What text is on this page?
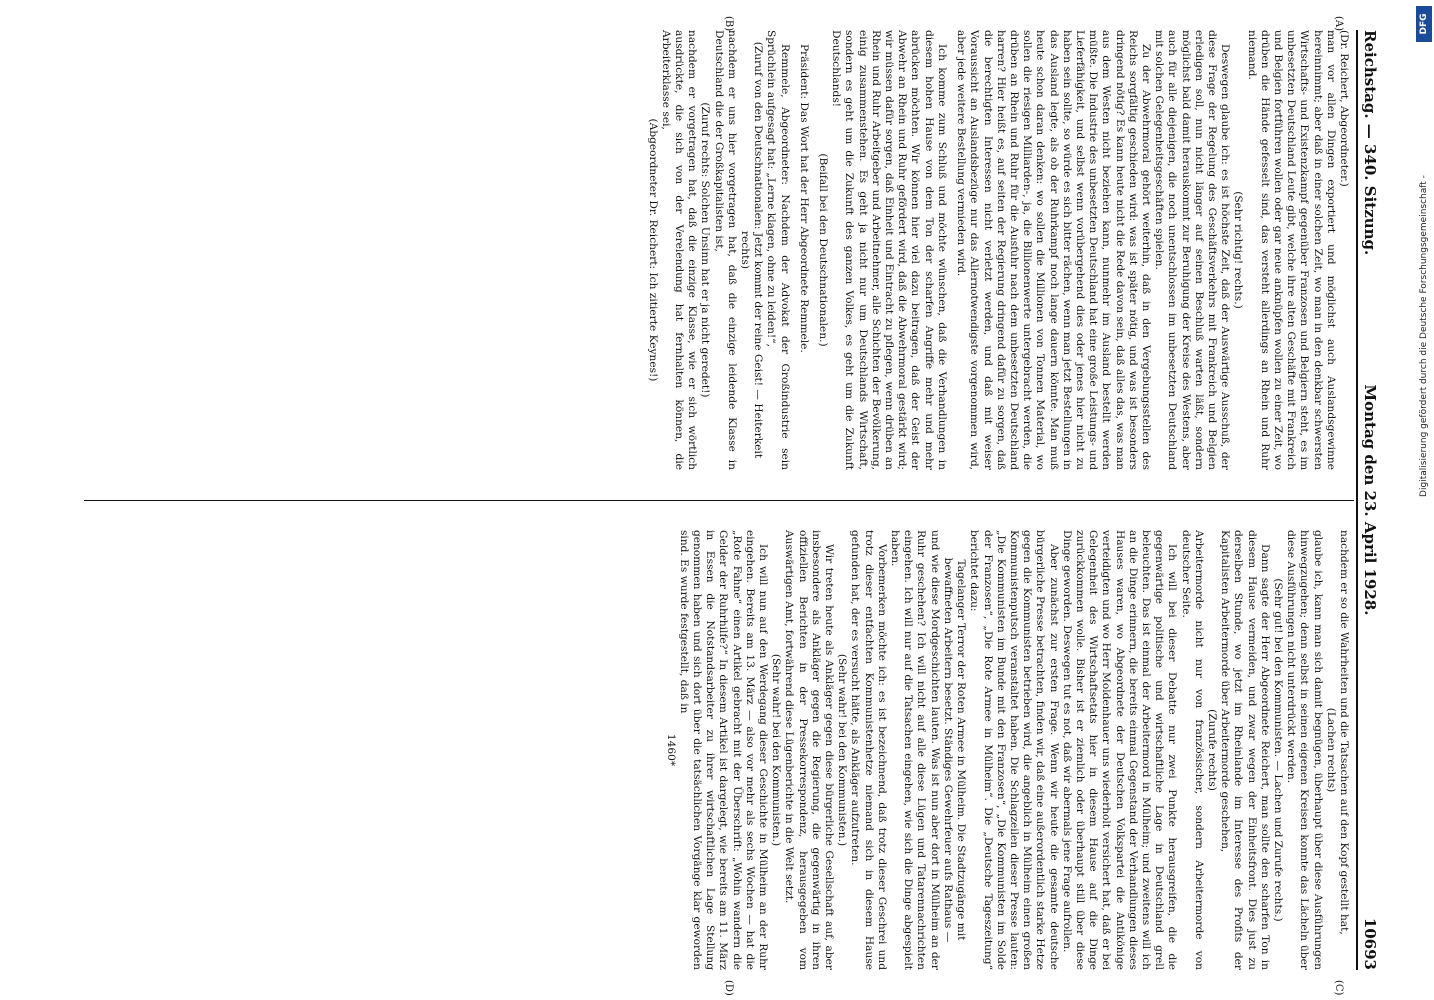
Reichstag. — 340. Sitzung.
Montag den 23. April 1928.
10693
(A)
(B)
(C)
(D)

(Dr. Reichert, Abgeordneter.)

man vor allen Dingen exportiert und möglichst auch Auslandsgewinne hereinnimmt; aber daß in einer solchen Zeit, wo man in den denkbar schwersten Wirtschafts- und Existenzkampf gegenüber Franzosen und Belgiern steht, es im unbesetzten Deutschland Leute gibt, welche ihre alten Geschäfte mit Frankreich und Belgien fortführen wollen oder gar neue anknüpfen wollen zu einer Zeit, wo drüben die Hände gefesselt sind, das versteht allerdings an Rhein und Ruhr niemand.

(Sehr richtig! rechts.)

Deswegen glaube ich: es ist höchste Zeit, daß der Auswärtige Ausschuß, der diese Frage der Regelung des Geschäftsverkehrs mit Frankreich und Belgien erledigen soll, nun nicht länger auf seinen Beschluß warten läßt, sondern möglichst bald damit herauskommt zur Beruhigung der Kreise des Westens, aber auch für alle diejenigen, die noch unentschlossen im unbesetzten Deutschland mit solchen Gelegenheitsgeschäften spielen.

Zu der Abwehrmoral gehört weiterhin, daß in den Vergebungsstellen des Reichs sorgfältig geschieden wird: was ist später nötig, und was ist besonders dringend nötig? Es kann heute nicht die Rede davon sein, daß alles das, was man aus dem Westen nicht beziehen kann, nunmehr im Ausland bestellt werden müßte. Die Industrie des unbesetzten Deutschland hat eine große Leistungs- und Lieferfähigkeit, und selbst wenn vorübergehend dies oder jenes hier nicht zu haben sein sollte, so würde es sich bitter rächen, wenn man jetzt Bestellungen in das Ausland legte, als ob der Ruhrkampf noch lange dauern könnte. Man muß heute schon daran denken: wo sollen die Millionen von Tonnen Material, wo sollen die riesigen Milliarden-, ja, die Billionenwerte untergebracht werden, die drüben an Rhein und Ruhr für die Ausfuhr nach dem unbesetzten Deutschland harren? Hier heißt es, auf seiten der Regierung dringend dafür zu sorgen, daß die berechtigten Interessen nicht verletzt werden, und daß mit weiser Voraussicht an Auslandsbezüge nur das Allernotwendigste vorgenommen wird, aber jede weitere Bestellung vermieden wird.

Ich komme zum Schluß und möchte wünschen, daß die Verhandlungen in diesem hohen Hause von dem Ton der scharfen Angriffe mehr und mehr abrücken möchten. Wir können hier viel dazu beitragen, daß der Geist der Abwehr an Rhein und Ruhr gefördert wird, daß die Abwehrmoral gestärkt wird; wir müssen dafür sorgen, daß Einheit und Eintracht zu pflegen, wenn drüben an Rhein und Ruhr Arbeitgeber und Arbeitnehmer, alle Schichten der Bevölkerung, einig zusammenstehen. Es geht ja nicht nur um Deutschlands Wirtschaft, sondern es geht um die Zukunft des ganzen Volkes, es geht um die Zukunft Deutschlands!

(Beifall bei den Deutschnationalen.)

Präsident: Das Wort hat der Herr Abgeordnete Remmele.

Remmele, Abgeordneter: Nachdem der Advokat der Großindustrie sein Sprüchlein aufgesagt hat: „Lerne klagen, ohne zu leiden!“,

(Zuruf von den Deutschnationalen: Jetzt kommt der reine Geist! — Heiterkeit rechts)

nachdem er uns hier vorgetragen hat, daß die einzige leidende Klasse in Deutschland die der Großkapitalisten ist,

(Zuruf rechts: Solchen Unsinn hat er ja nicht geredet!)

nachdem er vorgetragen hat, daß die einzige Klasse, wie er sich wörtlich ausdrückte, die sich von der Verelendung hat fernhalten können, die Arbeiterklasse sei,

(Abgeordneter Dr. Reichert: Ich zitierte Keynes!)

nachdem er so die Wahrheiten und die Tatsachen auf den Kopf gestellt hat,

(Lachen rechts)

glaube ich, kann man sich damit begnügen, überhaupt über diese Ausführungen hinwegzugehen; denn selbst in seinen eigenen Kreisen konnte das Lächeln über diese Ausführungen nicht unterdrückt werden.

(Sehr gut! bei den Kommunisten. — Lachen und Zurufe rechts.)

Dann sagte der Herr Abgeordnete Reichert, man sollte den scharfen Ton in diesem Hause vermeiden, und zwar wegen der Einheitsfront. Dies just zu derselben Stunde, wo jetzt im Rheinlande im Interesse des Profits der Kapitalisten Arbeitermorde über Arbeitermorde geschehen,

(Zurufe rechts)

Arbeitermorde nicht nur von französischer, sondern Arbeitermorde von deutscher Seite.

Ich will bei dieser Debatte nur zwei Punkte herausgreifen, die die gegenwärtige politische und wirtschaftliche Lage in Deutschland grell beleuchten. Das ist einmal der Arbeitermord in Mülheim; und zweitens will ich an die Dinge erinnern, die bereits einmal Gegenstand der Verhandlungen dieses Hauses waren, wo Abgeordnete der Deutschen Volkspartei die Antikönige verteidigten und wo Herr Moldenhauer uns wiederholt versichert hat, daß er bei Gelegenheit des Wirtschaftsetats hier in diesem Hause auf die Dinge zurückkommen wolle. Bisher ist er ziemlich oder überhaupt still über diese Dinge geworden. Deswegen tut es not, daß wir abermals jene Frage aufrollen.

Aber zunächst zur ersten Frage. Wenn wir heute die gesamte deutsche bürgerliche Presse betrachten, finden wir, daß eine außerordentlich starke Hetze gegen die Kommunisten betrieben wird, die angeblich in Mülheim einen großen Kommunistenputsch veranstaltet haben. Die Schlagzeilen dieser Presse lauten: „Die Kommunisten im Bunde mit den Franzosen“, „Die Kommunisten im Solde der Franzosen“, „Die Rote Armee in Mülheim“. Die „Deutsche Tageszeitung“ berichtet dazu:

Tagelanger Terror der Roten Armee in Mülheim. Die Stadtzugänge mit bewaffneten Arbeitern besetzt. Ständiges Gewehrfeuer aufs Rathaus —

und wie diese Mordgeschichten lauten. Was ist nun aber dort in Mülheim an der Ruhr geschehen? Ich will nicht auf alle diese Lügen und Tatarennachrichten eingehen. Ich will nur auf die Tatsachen eingehen, wie sich die Dinge abgespielt haben.

Vorbemerken möchte ich: es ist bezeichnend, daß trotz dieser Geschrei und trotz dieser entfachten Kommunistenhetze niemand sich in diesem Hause gefunden hat, der es versucht hätte, als Ankläger aufzutreten.

(Sehr wahr! bei den Kommunisten.)

Wir treten heute als Ankläger gegen diese bürgerliche Gesellschaft auf, aber insbesondere als Ankläger gegen die Regierung, die gegenwärtig in ihren offiziellen Berichten in der Pressekorrespondenz, herausgegeben vom Auswärtigen Amt, fortwährend diese Lügenberichte in die Welt setzt.

(Sehr wahr! bei den Kommunisten.)

Ich will nun auf den Werdegang dieser Geschichte in Mülheim an der Ruhr eingehen. Bereits am 13. März — also vor mehr als sechs Wochen — hat die „Rote Fahne“ einen Artikel gebracht mit der Überschrift: „Wohin wandern die Gelder der Ruhrhilfe?“ In diesem Artikel ist dargelegt, wie bereits am 11. März in Essen die Notstandsarbeiter zu ihrer wirtschaftlichen Lage Stellung genommen haben und sich dort über die tatsächlichen Vorgänge klar geworden sind. Es wurde festgestellt, daß in

1460*

DFG
Digitalisierung gefördert durch die Deutsche Forschungsgemeinschaft -
